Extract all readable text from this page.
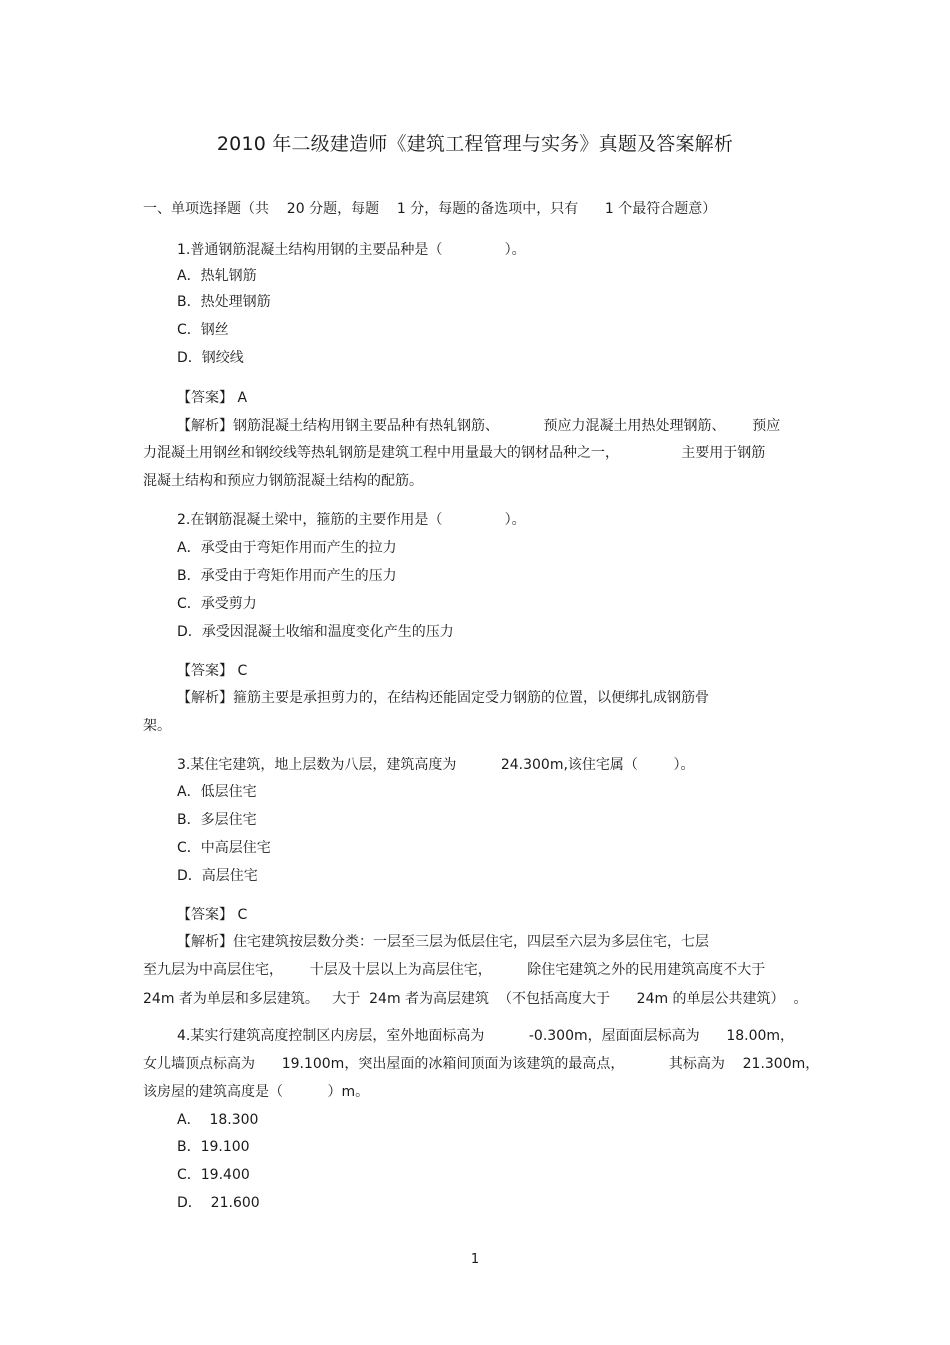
2010 年二级建造师《建筑工程管理与实务》真题及答案解析
一、单项选择题（共    20 分题，每题    1 分，每题的备选项中，只有      1 个最符合题意）
1.普通钢筋混凝土结构用钢的主要品种是（              ）。
A．热轧钢筋
B．热处理钢筋
C．钢丝
D．钢绞线
【答案】 A
【解析】钢筋混凝土结构用钢主要品种有热轧钢筋、          预应力混凝土用热处理钢筋、      预应
力混凝土用钢丝和钢绞线等热轧钢筋是建筑工程中用量最大的钢材品种之一，              主要用于钢筋
混凝土结构和预应力钢筋混凝土结构的配筋。
2.在钢筋混凝土梁中，箍筋的主要作用是（              ）。
A．承受由于弯矩作用而产生的拉力
B．承受由于弯矩作用而产生的压力
C．承受剪力
D．承受因混凝土收缩和温度变化产生的压力
【答案】 C
【解析】箍筋主要是承担剪力的，在结构还能固定受力钢筋的位置，以便绑扎成钢筋骨
架。
3.某住宅建筑，地上层数为八层，建筑高度为          24.300m,该住宅属（        ）。
A．低层住宅
B．多层住宅
C．中高层住宅
D．高层住宅
【答案】 C
【解析】住宅建筑按层数分类：一层至三层为低层住宅，四层至六层为多层住宅，七层
至九层为中高层住宅，      十层及十层以上为高层住宅，        除住宅建筑之外的民用建筑高度不大于
24m 者为单层和多层建筑。   大于  24m 者为高层建筑  （不包括高度大于      24m 的单层公共建筑）  。
4.某实行建筑高度控制区内房层，室外地面标高为          -0.300m，屋面面层标高为      18.00m，
女儿墙顶点标高为      19.100m，突出屋面的冰箱间顶面为该建筑的最高点，          其标高为    21.300m，
该房屋的建筑高度是（          ）m。
A．  18.300
B．19.100
C．19.400
D．  21.600
1
